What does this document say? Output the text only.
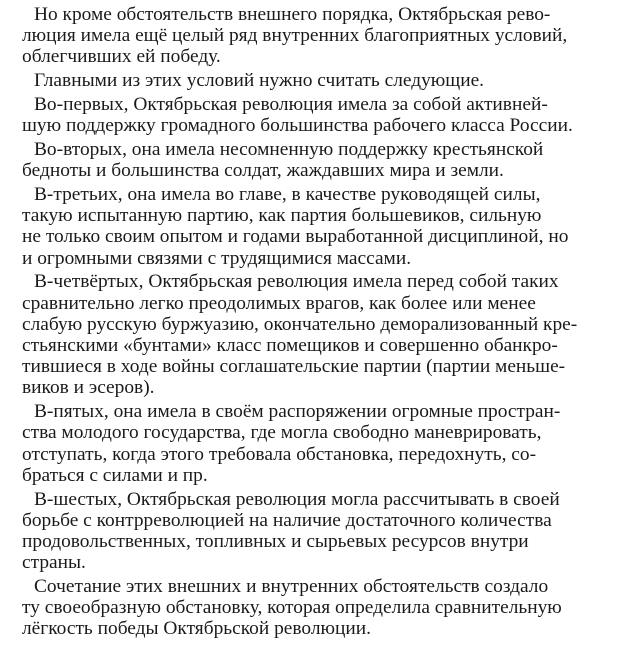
Но кроме обстоятельств внешнего порядка, Октябрьская рево-
люция имела ещё целый ряд внутренних благоприятных условий,
облегчивших ей победу.
Главными из этих условий нужно считать следующие.
Во-первых, Октябрьская революция имела за собой активней-
шую поддержку громадного большинства рабочего класса России.
Во-вторых, она имела несомненную поддержку крестьянской
бедноты и большинства солдат, жаждавших мира и земли.
В-третьих, она имела во главе, в качестве руководящей силы,
такую испытанную партию, как партия большевиков, сильную
не только своим опытом и годами выработанной дисциплиной, но
и огромными связями с трудящимися массами.
В-четвёртых, Октябрьская революция имела перед собой таких
сравнительно легко преодолимых врагов, как более или менее
слабую русскую буржуазию, окончательно деморализованный кре-
стьянскими «бунтами» класс помещиков и совершенно обанкро-
тившиеся в ходе войны соглашательские партии (партии меньше-
виков и эсеров).
В-пятых, она имела в своём распоряжении огромные простран-
ства молодого государства, где могла свободно маневрировать,
отступать, когда этого требовала обстановка, передохнуть, со-
браться с силами и пр.
В-шестых, Октябрьская революция могла рассчитывать в своей
борьбе с контрреволюцией на наличие достаточного количества
продовольственных, топливных и сырьевых ресурсов внутри
страны.
Сочетание этих внешних и внутренних обстоятельств создало
ту своеобразную обстановку, которая определила сравнительную
лёгкость победы Октябрьской революции.
